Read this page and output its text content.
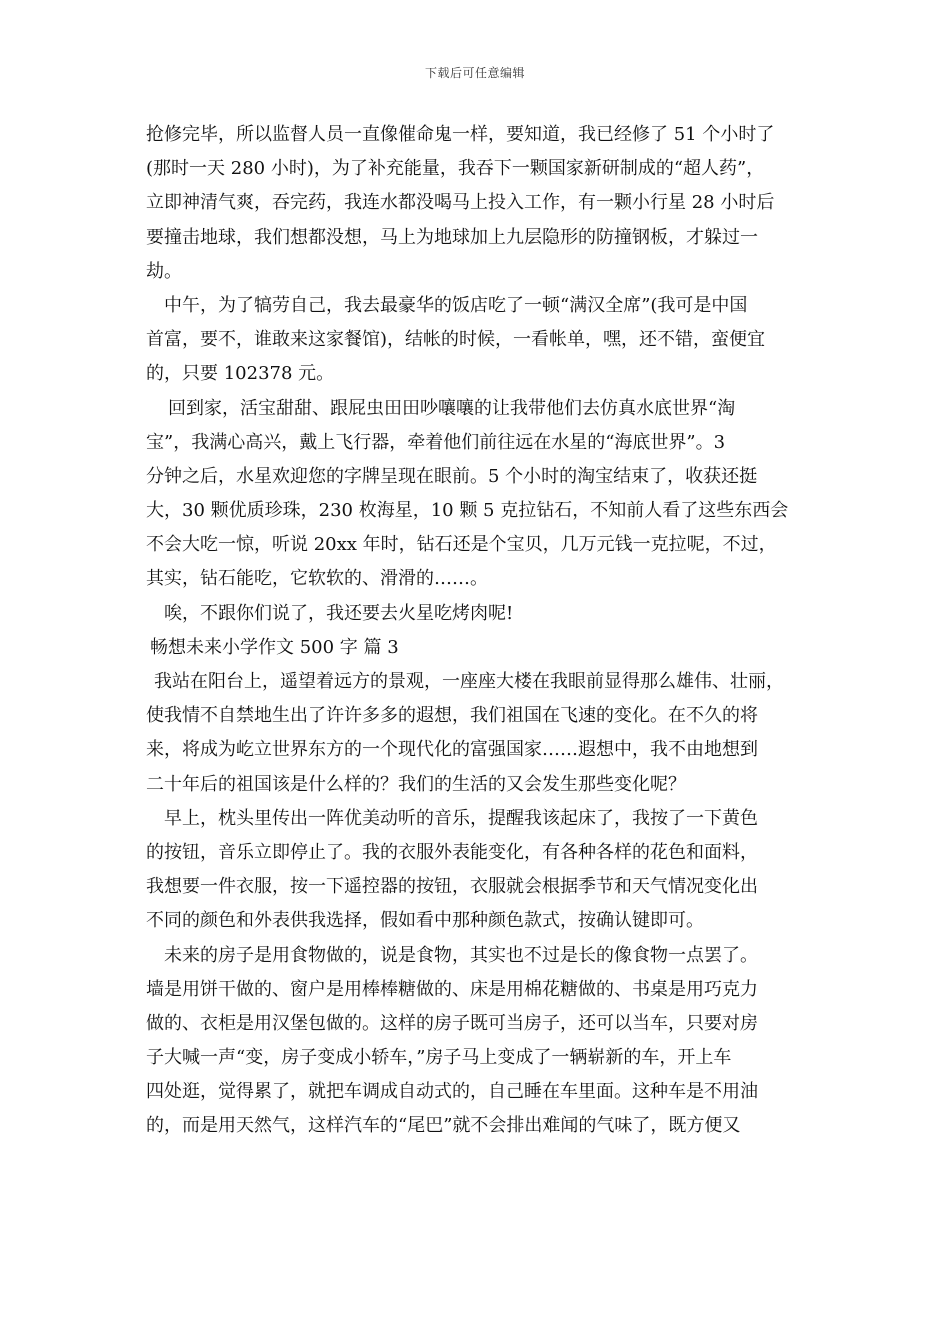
下载后可任意编辑
抢修完毕，所以监督人员一直像催命鬼一样，要知道，我已经修了 51 个小时了
(那时一天 280 小时)，为了补充能量，我吞下一颗国家新研制成的“超人药”，
立即神清气爽，吞完药，我连水都没喝马上投入工作，有一颗小行星 28 小时后
要撞击地球，我们想都没想，马上为地球加上九层隐形的防撞钢板，才躲过一
劫。
中午，为了犒劳自己，我去最豪华的饭店吃了一顿“满汉全席”(我可是中国
首富，要不，谁敢来这家餐馆)，结帐的时候，一看帐单，嘿，还不错，蛮便宜
的，只要 102378 元。
回到家，活宝甜甜、跟屁虫田田吵嚷嚷的让我带他们去仿真水底世界“淘
宝”，我满心高兴，戴上飞行器，牵着他们前往远在水星的“海底世界”。3
分钟之后，水星欢迎您的字牌呈现在眼前。5 个小时的淘宝结束了，收获还挺
大，30 颗优质珍珠，230 枚海星，10 颗 5 克拉钻石，不知前人看了这些东西会
不会大吃一惊，听说 20xx 年时，钻石还是个宝贝，几万元钱一克拉呢，不过，
其实，钻石能吃，它软软的、滑滑的……。
唉，不跟你们说了，我还要去火星吃烤肉呢!
畅想未来小学作文 500 字 篇 3
我站在阳台上，遥望着远方的景观，一座座大楼在我眼前显得那么雄伟、壮丽，
使我情不自禁地生出了许许多多的遐想，我们祖国在飞速的变化。在不久的将
来，将成为屹立世界东方的一个现代化的富强国家……遐想中，我不由地想到
二十年后的祖国该是什么样的？我们的生活的又会发生那些变化呢？
早上，枕头里传出一阵优美动听的音乐，提醒我该起床了，我按了一下黄色
的按钮，音乐立即停止了。我的衣服外表能变化，有各种各样的花色和面料，
我想要一件衣服，按一下遥控器的按钮，衣服就会根据季节和天气情况变化出
不同的颜色和外表供我选择，假如看中那种颜色款式，按确认键即可。
未来的房子是用食物做的，说是食物，其实也不过是长的像食物一点罢了。
墙是用饼干做的、窗户是用棒棒糖做的、床是用棉花糖做的、书桌是用巧克力
做的、衣柜是用汉堡包做的。这样的房子既可当房子，还可以当车，只要对房
子大喊一声“变，房子变成小轿车，”房子马上变成了一辆崭新的车，开上车
四处逛，觉得累了，就把车调成自动式的，自己睡在车里面。这种车是不用油
的，而是用天然气，这样汽车的“尾巴”就不会排出难闻的气味了，既方便又
